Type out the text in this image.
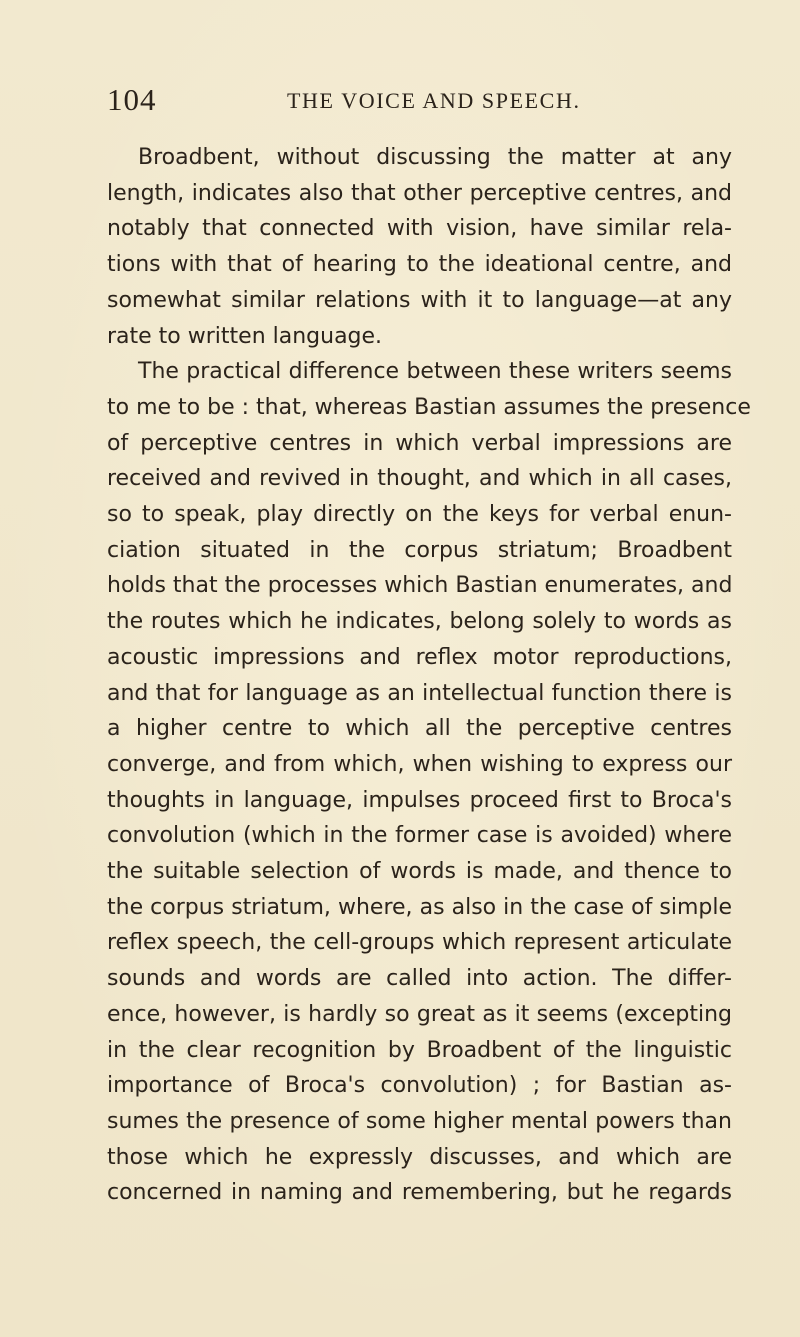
104	THE VOICE AND SPEECH.
Broadbent, without discussing the matter at any
length, indicates also that other perceptive centres, and
notably that connected with vision, have similar rela-
tions with that of hearing to the ideational centre, and
somewhat similar relations with it to language—at any
rate to written language.
The practical difference between these writers seems
to me to be : that, whereas Bastian assumes the presence
of perceptive centres in which verbal impressions are
received and revived in thought, and which in all cases,
so to speak, play directly on the keys for verbal enun-
ciation situated in the corpus striatum; Broadbent
holds that the processes which Bastian enumerates, and
the routes which he indicates, belong solely to words as
acoustic impressions and reflex motor reproductions,
and that for language as an intellectual function there is
a higher centre to which all the perceptive centres
converge, and from which, when wishing to express our
thoughts in language, impulses proceed first to Broca's
convolution (which in the former case is avoided) where
the suitable selection of words is made, and thence to
the corpus striatum, where, as also in the case of simple
reflex speech, the cell-groups which represent articulate
sounds and words are called into action. The differ-
ence, however, is hardly so great as it seems (excepting
in the clear recognition by Broadbent of the linguistic
importance of Broca's convolution) ; for Bastian as-
sumes the presence of some higher mental powers than
those which he expressly discusses, and which are
concerned in naming and remembering, but he regards
